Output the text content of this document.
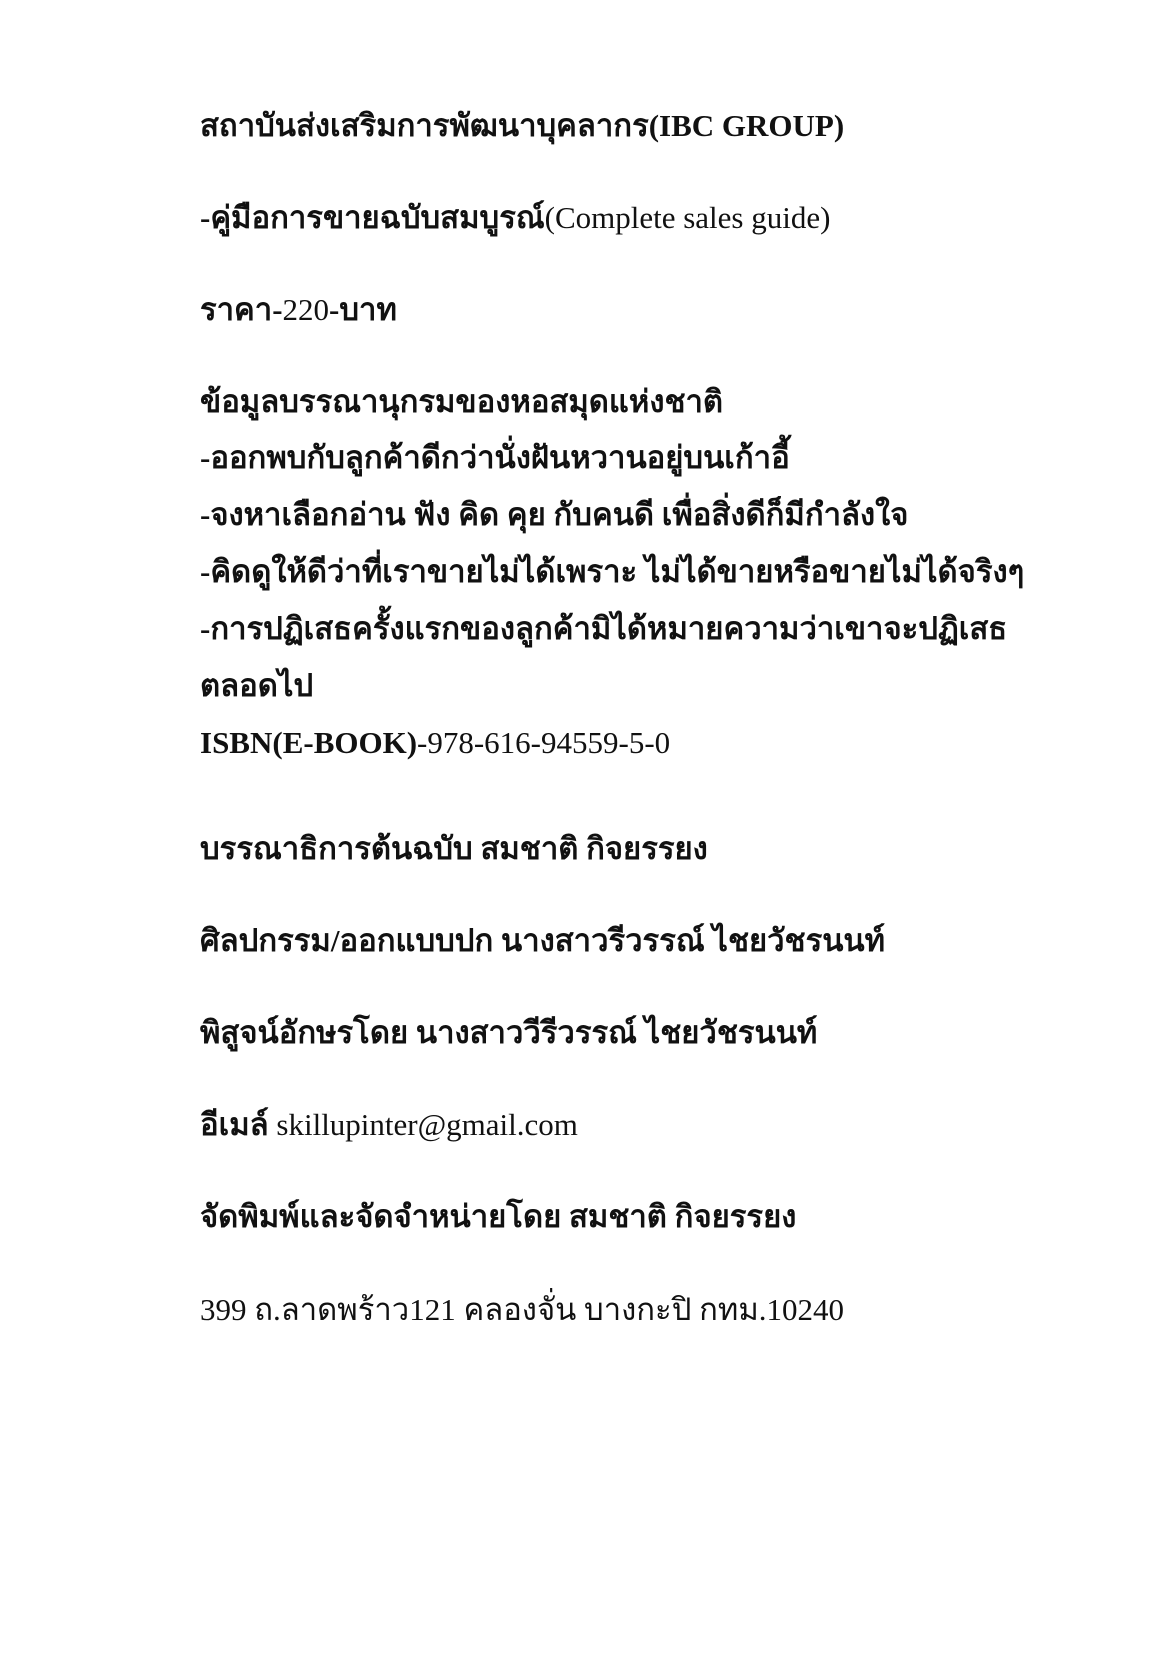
สถาบันส่งเสริมการพัฒนาบุคลากร(IBC GROUP)
-คู่มือการขายฉบับสมบูรณ์(Complete sales guide)
ราคา-220-บาท
ข้อมูลบรรณานุกรมของหอสมุดแห่งชาติ
-ออกพบกับลูกค้าดีกว่านั่งฝันหวานอยู่บนเก้าอี้
-จงหาเลือกอ่าน ฟัง คิด คุย กับคนดี เพื่อสิ่งดีก็มีกำลังใจ
-คิดดูให้ดีว่าที่เราขายไม่ได้เพราะ ไม่ได้ขายหรือขายไม่ได้จริงๆ
-การปฏิเสธครั้งแรกของลูกค้ามิได้หมายความว่าเขาจะปฏิเสธ
ตลอดไป
ISBN(E-BOOK)-978-616-94559-5-0
บรรณาธิการต้นฉบับ สมชาติ กิจยรรยง
ศิลปกรรม/ออกแบบปก นางสาวรีวรรณ์ ไชยวัชรนนท์
พิสูจน์อักษรโดย นางสาววีรีวรรณ์ ไชยวัชรนนท์
อีเมล์ skillupinter@gmail.com
จัดพิมพ์และจัดจำหน่ายโดย สมชาติ กิจยรรยง
399 ถ.ลาดพร้าว121 คลองจั่น บางกะปิ กทม.10240
